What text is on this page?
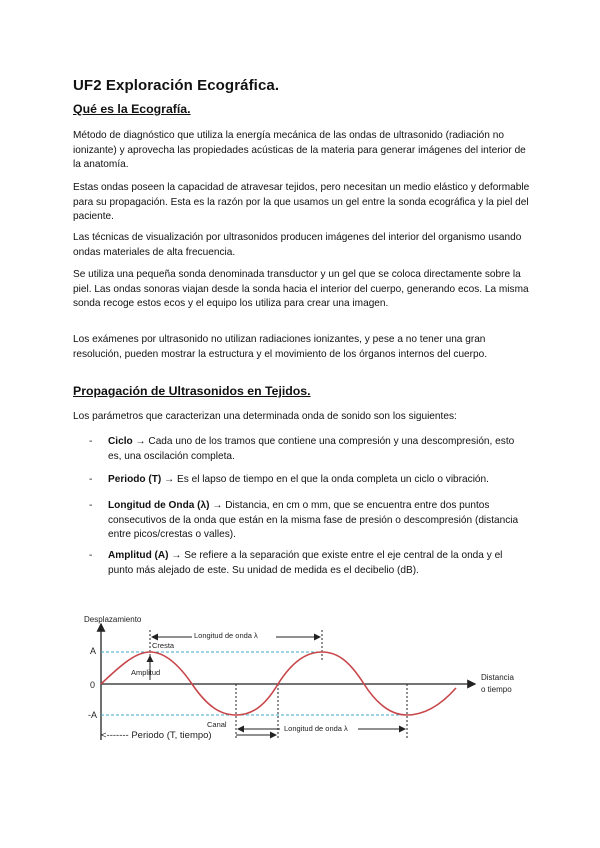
UF2 Exploración Ecográfica.
Qué es la Ecografía.

Método de diagnóstico que utiliza la energía mecánica de las ondas de ultrasonido (radiación no ionizante) y aprovecha las propiedades acústicas de la materia para generar imágenes del interior de la anatomía.

Estas ondas poseen la capacidad de atravesar tejidos, pero necesitan un medio elástico y deformable para su propagación. Esta es la razón por la que usamos un gel entre la sonda ecográfica y la piel del paciente.

Las técnicas de visualización por ultrasonidos producen imágenes del interior del organismo usando ondas materiales de alta frecuencia.

Se utiliza una pequeña sonda denominada transductor y un gel que se coloca directamente sobre la piel. Las ondas sonoras viajan desde la sonda hacia el interior del cuerpo, generando ecos. La misma sonda recoge estos ecos y el equipo los utiliza para crear una imagen.

Los exámenes por ultrasonido no utilizan radiaciones ionizantes, y pese a no tener una gran resolución, pueden mostrar la estructura y el movimiento de los órganos internos del cuerpo.

Propagación de Ultrasonidos en Tejidos.

Los parámetros que caracterizan una determinada onda de sonido son los siguientes:

- Ciclo → Cada uno de los tramos que contiene una compresión y una descompresión, esto es, una oscilación completa.
- Periodo (T) → Es el lapso de tiempo en el que la onda completa un ciclo o vibración.
- Longitud de Onda (λ) → Distancia, en cm o mm, que se encuentra entre dos puntos consecutivos de la onda que están en la misma fase de presión o descompresión (distancia entre picos/crestas o valles).
- Amplitud (A) → Se refiere a la separación que existe entre el eje central de la onda y el punto más alejado de este. Su unidad de medida es el decibelio (dB).
Desplazamiento
Distancia
o tiempo
A
0
-A
Amplitud
Cresta
Canal
Longitud de onda λ
Longitud de onda λ
<------- Periodo (T, tiempo)
